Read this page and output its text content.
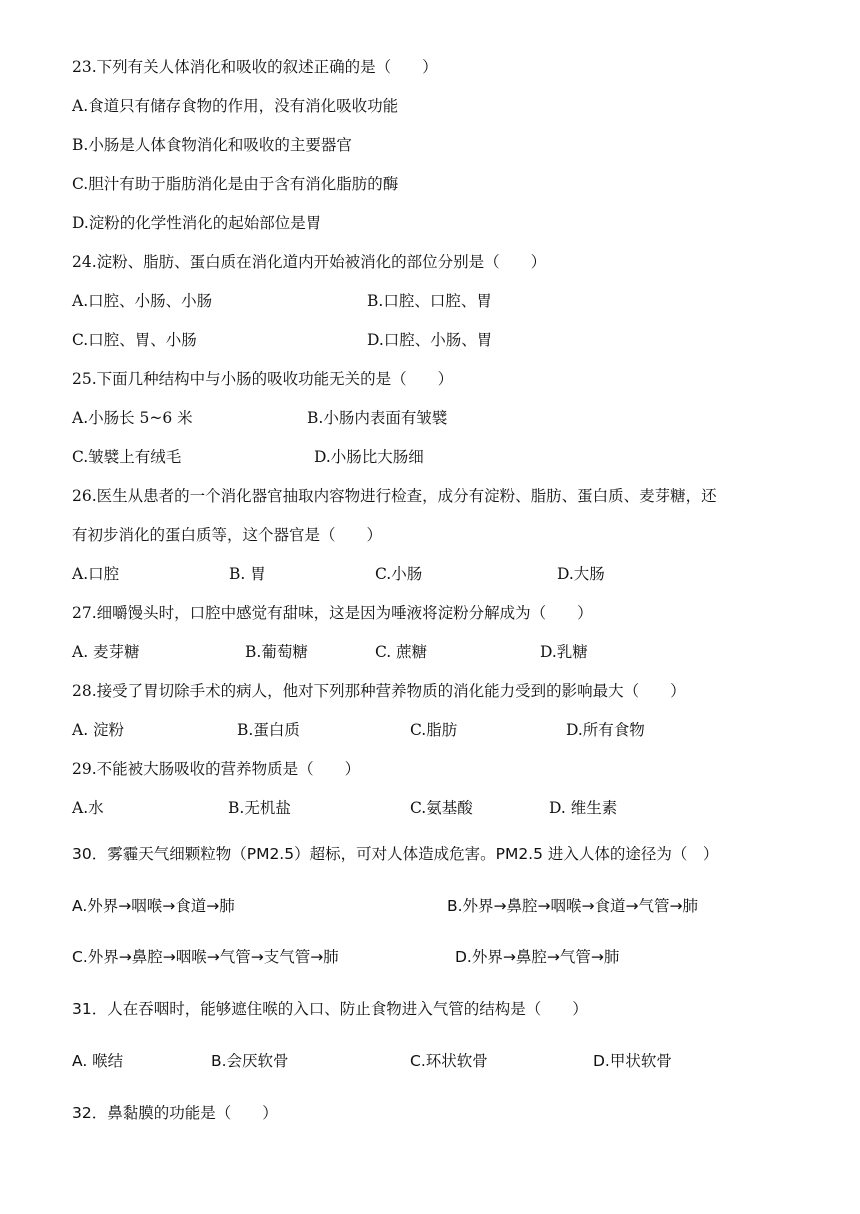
23.下列有关人体消化和吸收的叙述正确的是（　　）
A.食道只有储存食物的作用，没有消化吸收功能
B.小肠是人体食物消化和吸收的主要器官
C.胆汁有助于脂肪消化是由于含有消化脂肪的酶
D.淀粉的化学性消化的起始部位是胃
24.淀粉、脂肪、蛋白质在消化道内开始被消化的部位分别是（　　）
A.口腔、小肠、小肠	B.口腔、口腔、胃
C.口腔、胃、小肠	D.口腔、小肠、胃
25.下面几种结构中与小肠的吸收功能无关的是（　　）
A.小肠长 5~6 米	B.小肠内表面有皱襞
C.皱襞上有绒毛	D.小肠比大肠细
26.医生从患者的一个消化器官抽取内容物进行检查，成分有淀粉、脂肪、蛋白质、麦芽糖，还
有初步消化的蛋白质等，这个器官是（　　）
A.口腔	B. 胃	C.小肠	D.大肠
27.细嚼馒头时，口腔中感觉有甜味，这是因为唾液将淀粉分解成为（　　）
A. 麦芽糖	B.葡萄糖	C. 蔗糖	D.乳糖
28.接受了胃切除手术的病人，他对下列那种营养物质的消化能力受到的影响最大（　　）
A. 淀粉	B.蛋白质	C.脂肪	D.所有食物
29.不能被大肠吸收的营养物质是（　　）
A.水	B.无机盐	C.氨基酸	D. 维生素
30．雾霾天气细颗粒物（PM2.5）超标，可对人体造成危害。PM2.5 进入人体的途径为（　）
A.外界→咽喉→食道→肺	B.外界→鼻腔→咽喉→食道→气管→肺
C.外界→鼻腔→咽喉→气管→支气管→肺	D.外界→鼻腔→气管→肺
31．人在吞咽时，能够遮住喉的入口、防止食物进入气管的结构是（　　）
A. 喉结	B.会厌软骨	C.环状软骨	D.甲状软骨
32．鼻黏膜的功能是（　　）
